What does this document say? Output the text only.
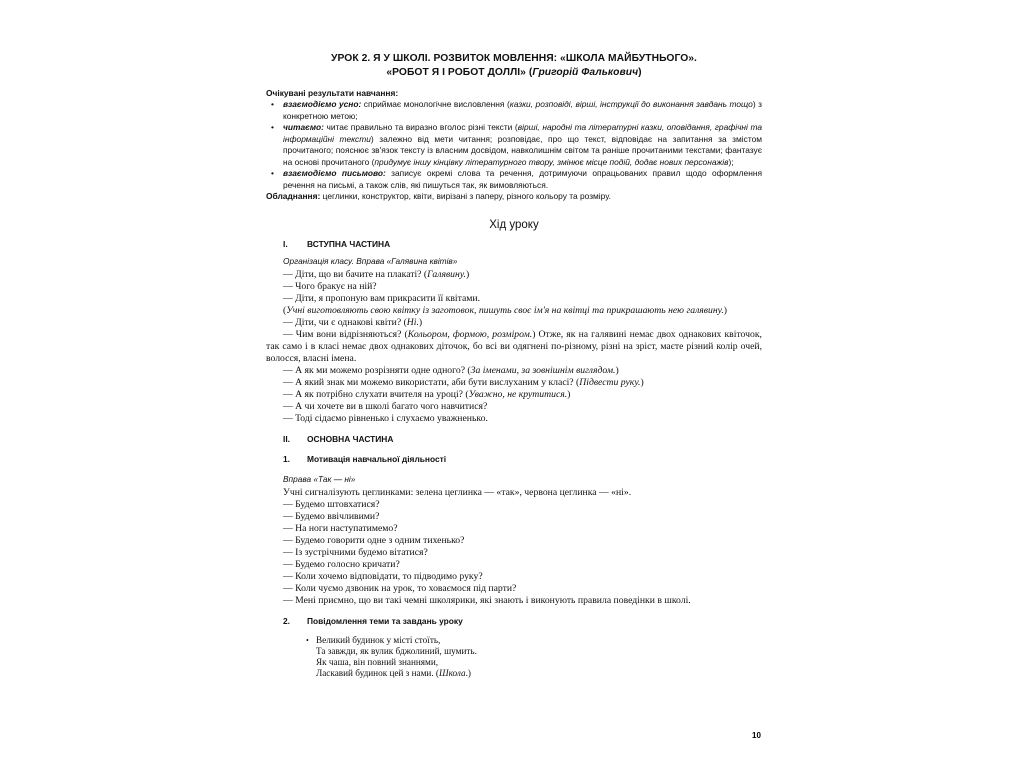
УРОК 2. Я У ШКОЛІ. РОЗВИТОК МОВЛЕННЯ: «ШКОЛА МАЙБУТНЬОГО».
«РОБОТ Я І РОБОТ ДОЛЛІ» (Григорій Фалькович)
Очікувані результати навчання:
• взаємодіємо усно: сприймає монологічне висловлення (казки, розповіді, вірші, інструкції до виконання завдань тощо) з конкретною метою;
• читаємо: читає правильно та виразно вголос різні тексти (вірші, народні та літературні казки, оповідання, графічні та інформаційні тексти) залежно від мети читання; розповідає, про що текст, відповідає на запитання за змістом прочитаного; пояснює зв'язок тексту із власним досвідом, навколишнім світом та раніше прочитаними текстами; фантазує на основі прочитаного (придумує іншу кінцівку літературного твору, змінює місце подій, додає нових персонажів);
• взаємодіємо письмово: записує окремі слова та речення, дотримуючи опрацьованих правил щодо оформлення речення на письмі, а також слів, які пишуться так, як вимовляються.
Обладнання: цеглинки, конструктор, квіти, вирізані з паперу, різного кольору та розміру.
Хід уроку
I. ВСТУПНА ЧАСТИНА
Організація класу. Вправа «Галявина квітів»
— Діти, що ви бачите на плакаті? (Галявину.)
— Чого бракує на ній?
— Діти, я пропоную вам прикрасити її квітами.
(Учні виготовляють свою квітку із заготовок, пишуть своє ім'я на квітці та прикрашають нею галявину.)
— Діти, чи є однакові квіти? (Ні.)
— Чим вони відрізняються? (Кольором, формою, розміром.) Отже, як на галявині немає двох однакових квіточок, так само і в класі немає двох однакових діточок, бо всі ви одягнені по-різному, різні на зріст, маєте різний колір очей, волосся, власні імена.
— А як ми можемо розрізняти одне одного? (За іменами, за зовнішнім виглядом.)
— А який знак ми можемо використати, аби бути вислуханим у класі? (Підвести руку.)
— А як потрібно слухати вчителя на уроці? (Уважно, не крутитися.)
— А чи хочете ви в школі багато чого навчитися?
— Тоді сідаємо рівненько і слухаємо уважненько.
II. ОСНОВНА ЧАСТИНА
1. Мотивація навчальної діяльності
Вправа «Так — ні»
Учні сигналізують цеглинками: зелена цеглинка — «так», червона цеглинка — «ні».
— Будемо штовхатися?
— Будемо ввічливими?
— На ноги наступатимемо?
— Будемо говорити одне з одним тихенько?
— Із зустрічними будемо вітатися?
— Будемо голосно кричати?
— Коли хочемо відповідати, то підводимо руку?
— Коли чуємо дзвоник на урок, то ховаємося під парти?
— Мені приємно, що ви такі чемні школярики, які знають і виконують правила поведінки в школі.
2. Повідомлення теми та завдань уроку
• Великий будинок у місті стоїть,
Та завжди, як вулик бджолиний, шумить.
Як чаша, він повний знаннями,
Ласкавий будинок цей з нами. (Школа.)
10
